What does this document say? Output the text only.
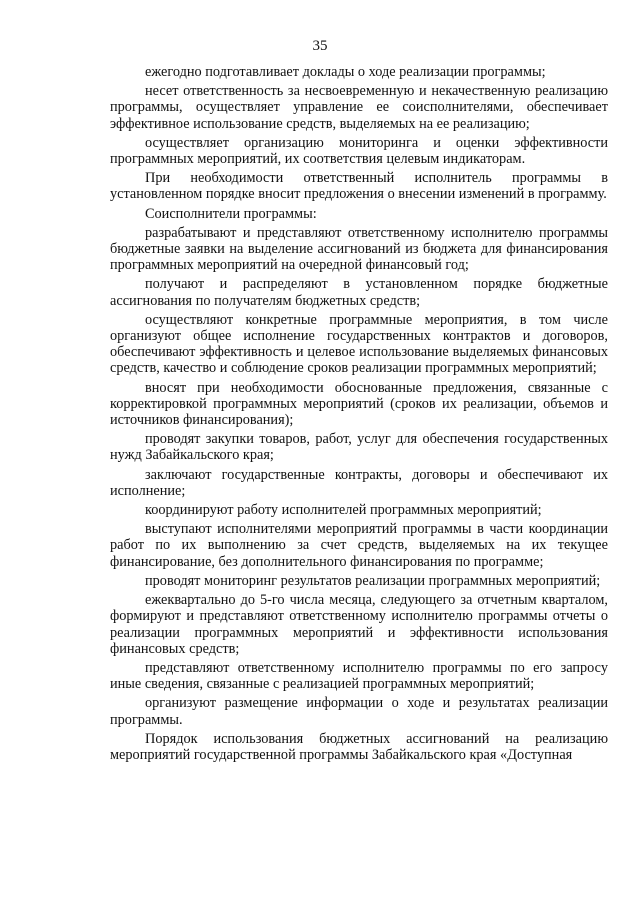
35

ежегодно подготавливает доклады о ходе реализации программы;

несет ответственность за несвоевременную и некачественную реализацию программы, осуществляет управление ее соисполнителями, обеспечивает эффективное использование средств, выделяемых на ее реализацию;

осуществляет организацию мониторинга и оценки эффективности программных мероприятий, их соответствия целевым индикаторам.

При необходимости ответственный исполнитель программы в установленном порядке вносит предложения о внесении изменений в программу.

Соисполнители программы:

разрабатывают и представляют ответственному исполнителю программы бюджетные заявки на выделение ассигнований из бюджета для финансирования программных мероприятий на очередной финансовый год;

получают и распределяют в установленном порядке бюджетные ассигнования по получателям бюджетных средств;

осуществляют конкретные программные мероприятия, в том числе организуют общее исполнение государственных контрактов и договоров, обеспечивают эффективность и целевое использование выделяемых финансовых средств, качество и соблюдение сроков реализации программных мероприятий;

вносят при необходимости обоснованные предложения, связанные с корректировкой программных мероприятий (сроков их реализации, объемов и источников финансирования);

проводят закупки товаров, работ, услуг для обеспечения государственных нужд Забайкальского края;

заключают государственные контракты, договоры и обеспечивают их исполнение;

координируют работу исполнителей программных мероприятий;

выступают исполнителями мероприятий программы в части координации работ по их выполнению за счет средств, выделяемых на их текущее финансирование, без дополнительного финансирования по программе;

проводят мониторинг результатов реализации программных мероприятий;

ежеквартально до 5-го числа месяца, следующего за отчетным кварталом, формируют и представляют ответственному исполнителю программы отчеты о реализации программных мероприятий и эффективности использования финансовых средств;

представляют ответственному исполнителю программы по его запросу иные сведения, связанные с реализацией программных мероприятий;

организуют размещение информации о ходе и результатах реализации программы.

Порядок использования бюджетных ассигнований на реализацию мероприятий государственной программы Забайкальского края «Доступная
